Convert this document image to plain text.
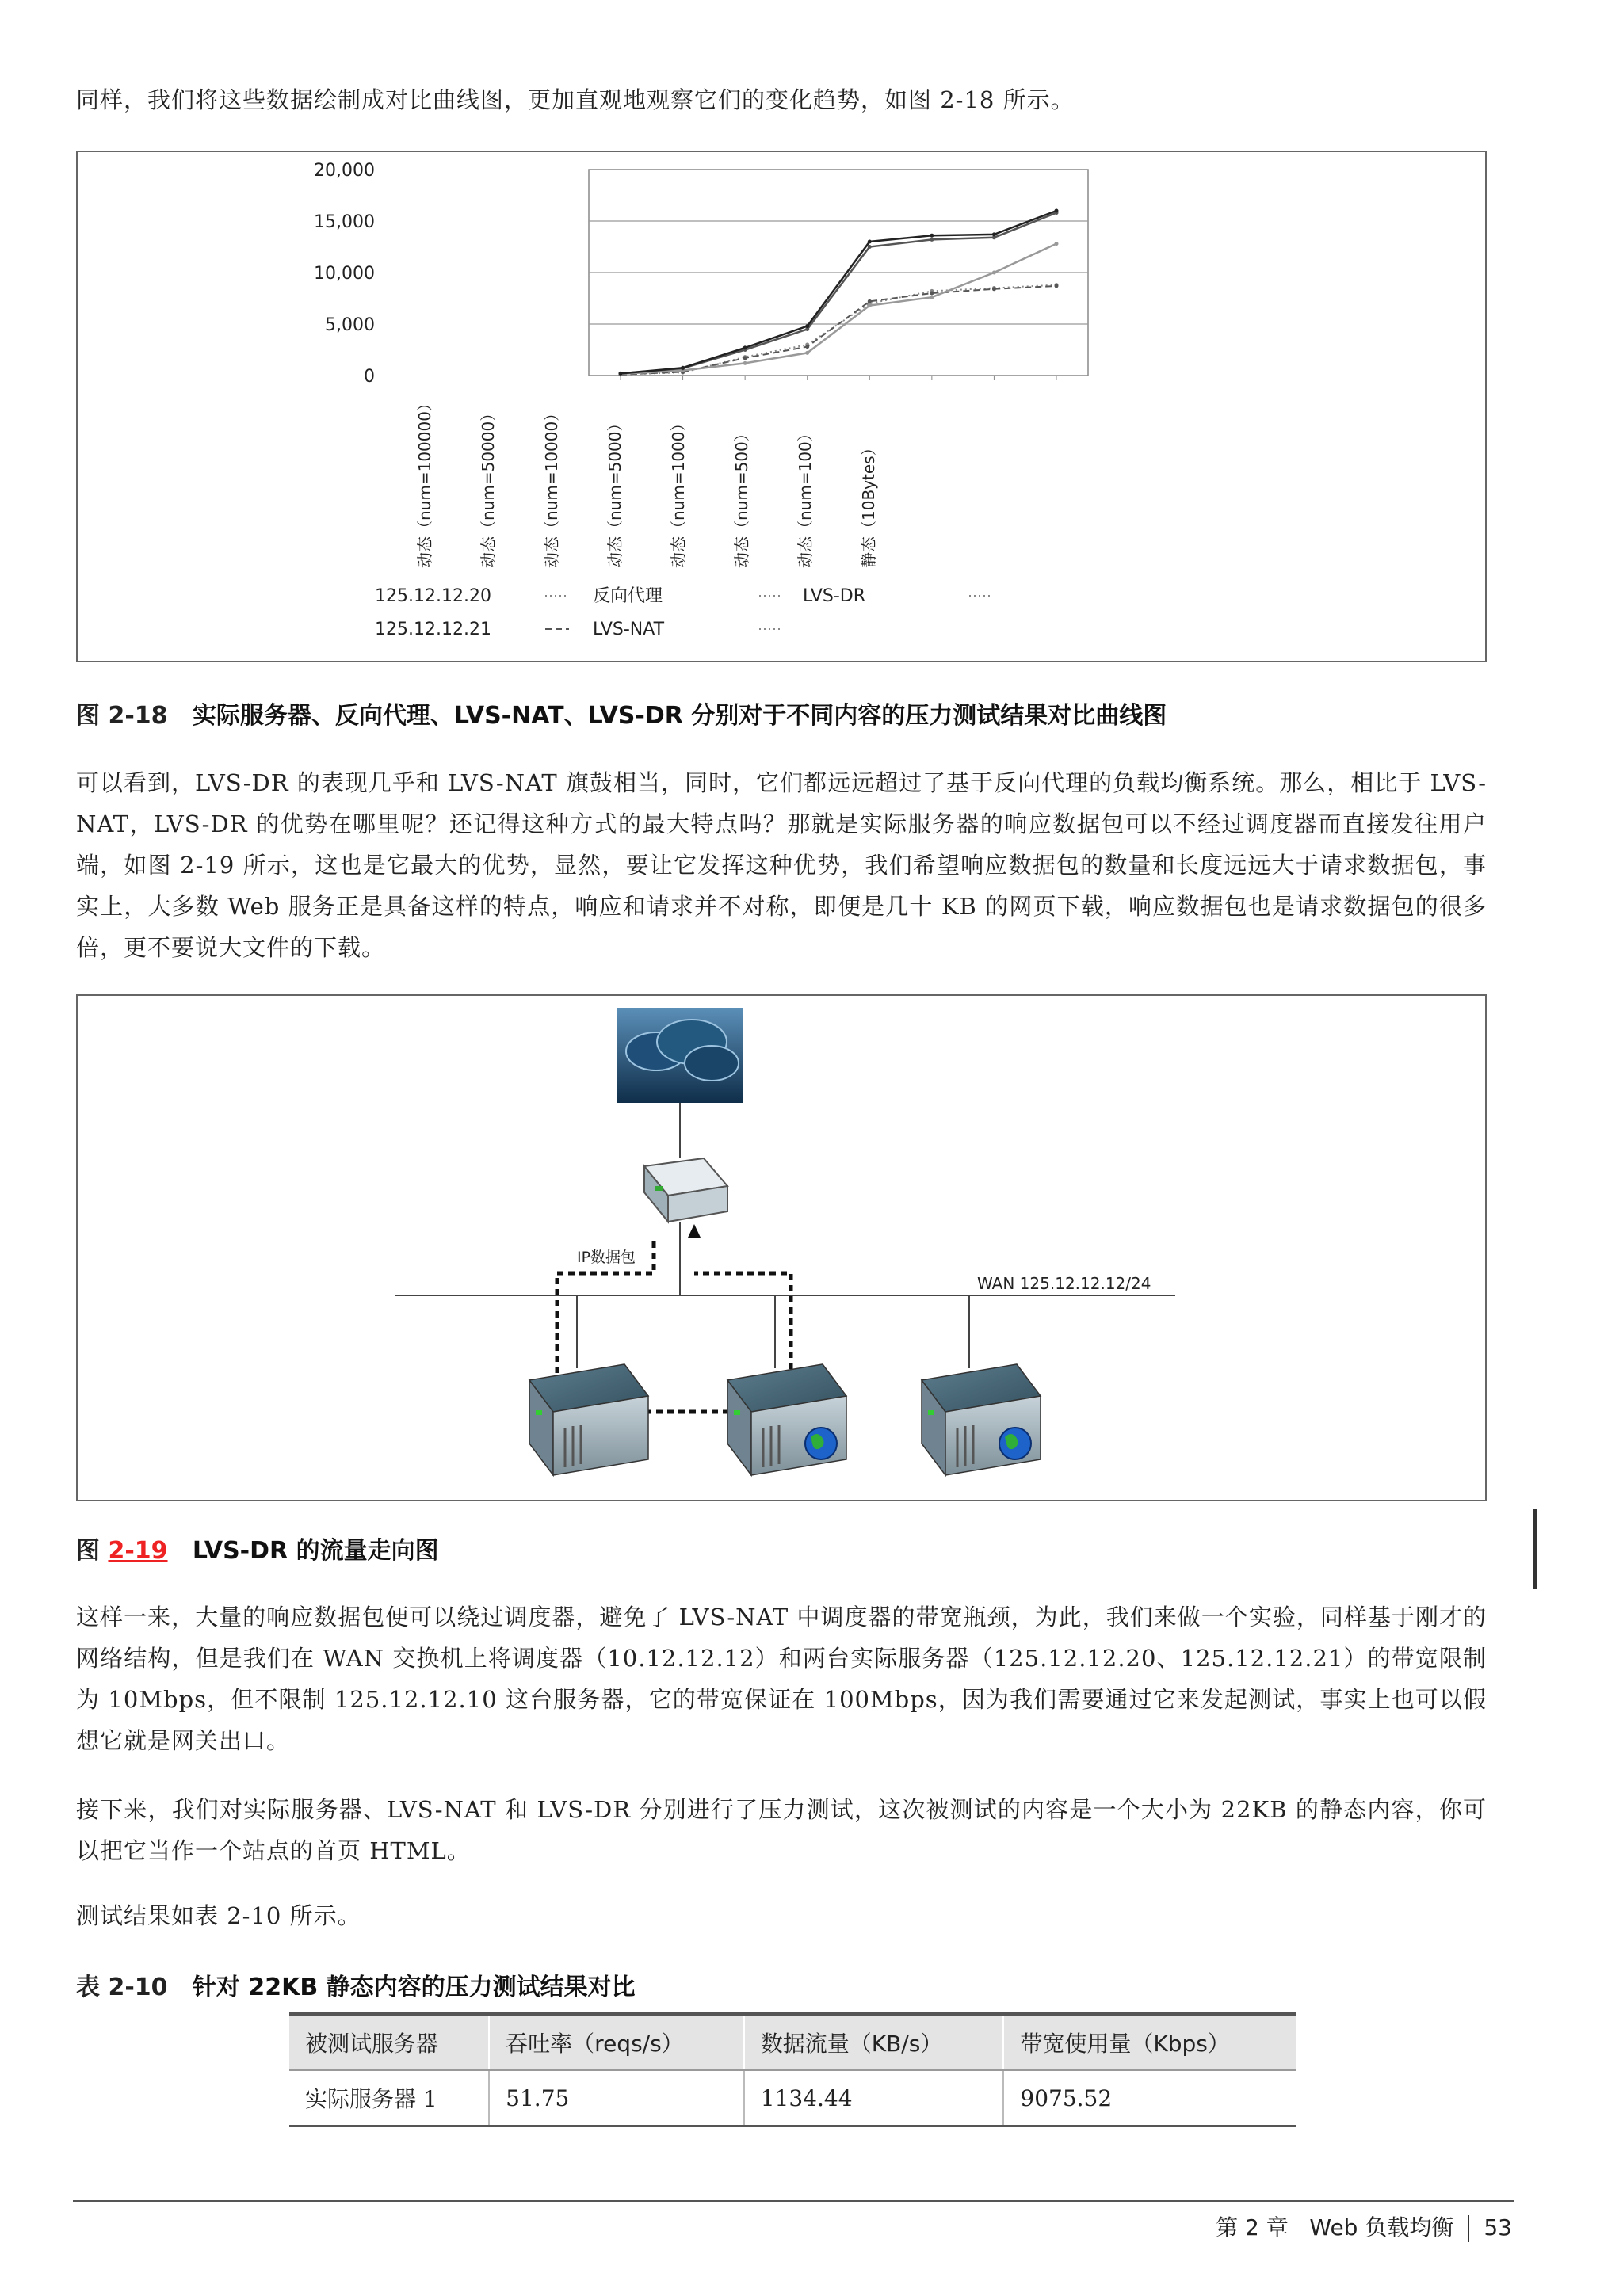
同样，我们将这些数据绘制成对比曲线图，更加直观地观察它们的变化趋势，如图 2-18 所示。
20,000
15,000
10,000
5,000
0
动态（num=100000）	动态（num=50000）	动态（num=10000）	动态（num=5000）	动态（num=1000）	动态（num=500）	动态（num=100）	静态（10Bytes）
125.12.12.20	反向代理	LVS-DR
125.12.12.21	LVS-NAT
图 2-18 实际服务器、反向代理、LVS-NAT、LVS-DR 分别对于不同内容的压力测试结果对比曲线图
可以看到，LVS-DR 的表现几乎和 LVS-NAT 旗鼓相当，同时，它们都远远超过了基于反向代理的负载均衡系统。那么，相比于 LVS-NAT，LVS-DR 的优势在哪里呢？还记得这种方式的最大特点吗？那就是实际服务器的响应数据包可以不经过调度器而直接发往用户端，如图 2-19 所示，这也是它最大的优势，显然，要让它发挥这种优势，我们希望响应数据包的数量和长度远远大于请求数据包，事实上，大多数 Web 服务正是具备这样的特点，响应和请求并不对称，即便是几十 KB 的网页下载，响应数据包也是请求数据包的很多倍，更不要说大文件的下载。
WAN 125.12.12.12/24
IP数据包
图 2-19 LVS-DR 的流量走向图
这样一来，大量的响应数据包便可以绕过调度器，避免了 LVS-NAT 中调度器的带宽瓶颈，为此，我们来做一个实验，同样基于刚才的网络结构，但是我们在 WAN 交换机上将调度器（10.12.12.12）和两台实际服务器（125.12.12.20、125.12.12.21）的带宽限制为 10Mbps，但不限制 125.12.12.10 这台服务器，它的带宽保证在 100Mbps，因为我们需要通过它来发起测试，事实上也可以假想它就是网关出口。
接下来，我们对实际服务器、LVS-NAT 和 LVS-DR 分别进行了压力测试，这次被测试的内容是一个大小为 22KB 的静态内容，你可以把它当作一个站点的首页 HTML。
测试结果如表 2-10 所示。
表 2-10 针对 22KB 静态内容的压力测试结果对比
被测试服务器	吞吐率（reqs/s）	数据流量（KB/s）	带宽使用量（Kbps）
实际服务器 1	51.75	1134.44	9075.52
第 2 章 Web 负载均衡 53
